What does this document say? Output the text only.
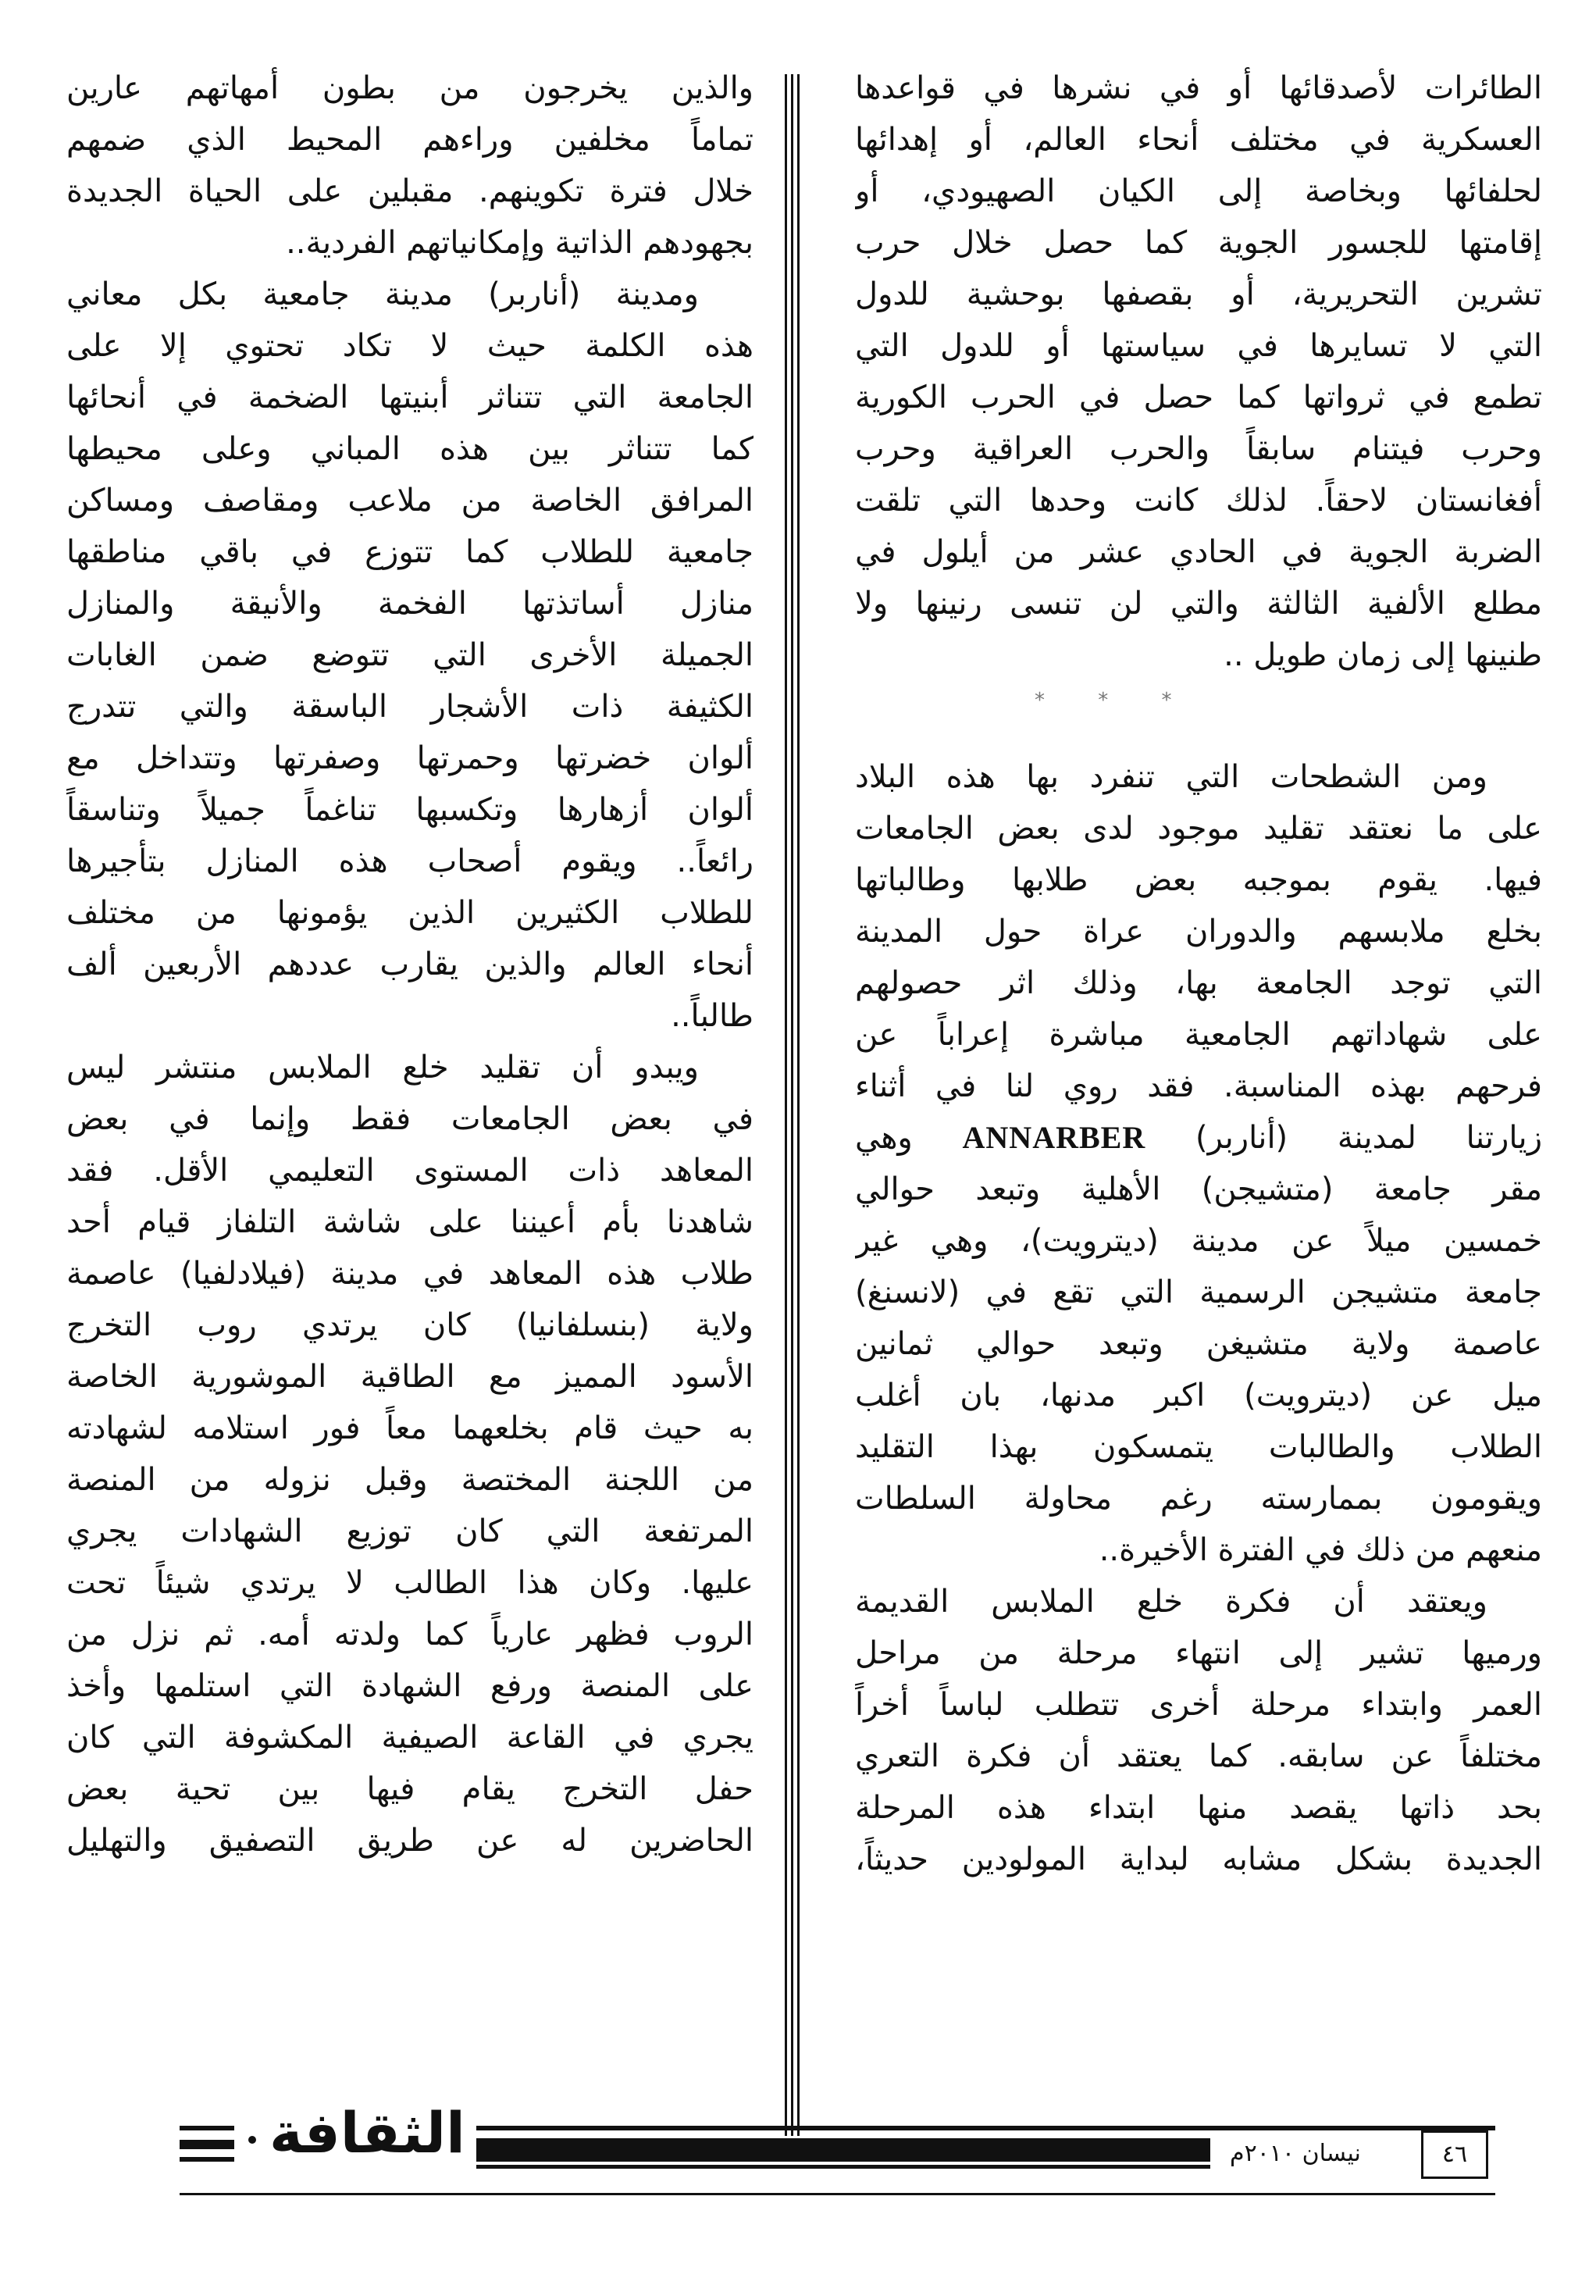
الطائرات لأصدقائها أو في نشرها في قواعدها

العسكرية في مختلف أنحاء العالم، أو إهدائها

لحلفائها وبخاصة إلى الكيان الصهيودي، أو

إقامتها للجسور الجوية كما حصل خلال حرب

تشرين التحريرية، أو بقصفها بوحشية للدول

التي لا تسايرها في سياستها أو للدول التي

تطمع في ثرواتها كما حصل في الحرب الكورية

وحرب فيتنام سابقاً والحرب العراقية وحرب

أفغانستان لاحقاً. لذلك كانت وحدها التي تلقت

الضربة الجوية في الحادي عشر من أيلول في

مطلع الألفية الثالثة والتي لن تنسى رنينها ولا

طنينها إلى زمان طويل ..

* * *

ومن الشطحات التي تنفرد بها هذه البلاد

على ما نعتقد تقليد موجود لدى بعض الجامعات

فيها. يقوم بموجبه بعض طلابها وطالباتها

بخلع ملابسهم والدوران عراة حول المدينة

التي توجد الجامعة بها، وذلك اثر حصولهم

على شهاداتهم الجامعية مباشرة إعراباً عن

فرحهم بهذه المناسبة. فقد روي لنا في أثناء

زيارتنا لمدينة (أناربر) ANNARBER وهي

مقر جامعة (متشيجن) الأهلية وتبعد حوالي

خمسين ميلاً عن مدينة (ديترويت)، وهي غير

جامعة متشيجن الرسمية التي تقع في (لانسنغ)

عاصمة ولاية متشيغن وتبعد حوالي ثمانين

ميل عن (ديترويت) اكبر مدنها، بان أغلب

الطلاب والطالبات يتمسكون بهذا التقليد

ويقومون بممارسته رغم محاولة السلطات

منعهم من ذلك في الفترة الأخيرة..

ويعتقد أن فكرة خلع الملابس القديمة

ورميها تشير إلى انتهاء مرحلة من مراحل

العمر وابتداء مرحلة أخرى تتطلب لباساً أخراً

مختلفاً عن سابقه. كما يعتقد أن فكرة التعري

بحد ذاتها يقصد منها ابتداء هذه المرحلة

الجديدة بشكل مشابه لبداية المولودين حديثاً،

والذين يخرجون من بطون أمهاتهم عارين

تماماً مخلفين وراءهم المحيط الذي ضمهم

خلال فترة تكوينهم. مقبلين على الحياة الجديدة

بجهودهم الذاتية وإمكانياتهم الفردية..

ومدينة (أناربر) مدينة جامعية بكل معاني

هذه الكلمة حيث لا تكاد تحتوي إلا على

الجامعة التي تتناثر أبنيتها الضخمة في أنحائها

كما تتناثر بين هذه المباني وعلى محيطها

المرافق الخاصة من ملاعب ومقاصف ومساكن

جامعية للطلاب كما تتوزع في باقي مناطقها

منازل أساتذتها الفخمة والأنيقة والمنازل

الجميلة الأخرى التي تتوضع ضمن الغابات

الكثيفة ذات الأشجار الباسقة والتي تتدرج

ألوان خضرتها وحمرتها وصفرتها وتتداخل مع

ألوان أزهارها وتكسبها تناغماً جميلاً وتناسقاً

رائعاً.. ويقوم أصحاب هذه المنازل بتأجيرها

للطلاب الكثيرين الذين يؤمونها من مختلف

أنحاء العالم والذين يقارب عددهم الأربعين ألف

طالباً..

ويبدو أن تقليد خلع الملابس منتشر ليس

في بعض الجامعات فقط وإنما في بعض

المعاهد ذات المستوى التعليمي الأقل. فقد

شاهدنا بأم أعيننا على شاشة التلفاز قيام أحد

طلاب هذه المعاهد في مدينة (فيلادلفيا) عاصمة

ولاية (بنسلفانيا) كان يرتدي روب التخرج

الأسود المميز مع الطاقية الموشورية الخاصة

به حيث قام بخلعهما معاً فور استلامه لشهادته

من اللجنة المختصة وقبل نزوله من المنصة

المرتفعة التي كان توزيع الشهادات يجري

عليها. وكان هذا الطالب لا يرتدي شيئاً تحت

الروب فظهر عارياً كما ولدته أمه. ثم نزل من

على المنصة ورفع الشهادة التي استلمها وأخذ

يجري في القاعة الصيفية المكشوفة التي كان

حفل التخرج يقام فيها بين تحية بعض

الحاضرين له عن طريق التصفيق والتهليل

الثقافة	نيسان ٢٠١٠م	٤٦
